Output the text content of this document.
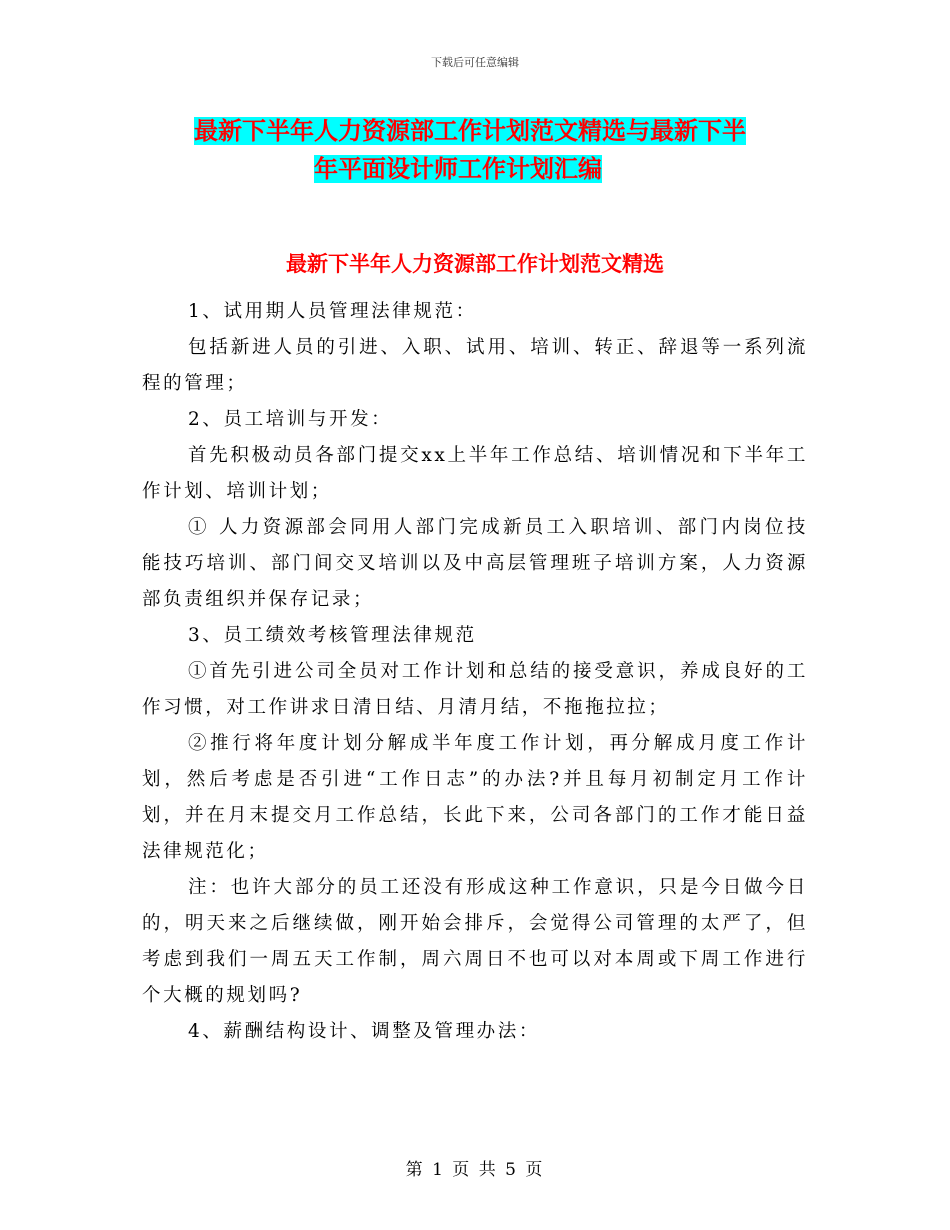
下载后可任意编辑
最新下半年人力资源部工作计划范文精选与最新下半
年平面设计师工作计划汇编
最新下半年人力资源部工作计划范文精选

1、试用期人员管理法律规范：

包括新进人员的引进、入职、试用、培训、转正、辞退等一系列流程的管理；

2、员工培训与开发：

首先积极动员各部门提交xx上半年工作总结、培训情况和下半年工作计划、培训计划；

① 人力资源部会同用人部门完成新员工入职培训、部门内岗位技能技巧培训、部门间交叉培训以及中高层管理班子培训方案，人力资源部负责组织并保存记录；

3、员工绩效考核管理法律规范

①首先引进公司全员对工作计划和总结的接受意识，养成良好的工作习惯，对工作讲求日清日结、月清月结，不拖拖拉拉；

②推行将年度计划分解成半年度工作计划，再分解成月度工作计划，然后考虑是否引进“工作日志”的办法?并且每月初制定月工作计划，并在月末提交月工作总结，长此下来，公司各部门的工作才能日益法律规范化；

注：也许大部分的员工还没有形成这种工作意识，只是今日做今日的，明天来之后继续做，刚开始会排斥，会觉得公司管理的太严了，但考虑到我们一周五天工作制，周六周日不也可以对本周或下周工作进行个大概的规划吗?

4、薪酬结构设计、调整及管理办法：

第 1 页 共 5 页
